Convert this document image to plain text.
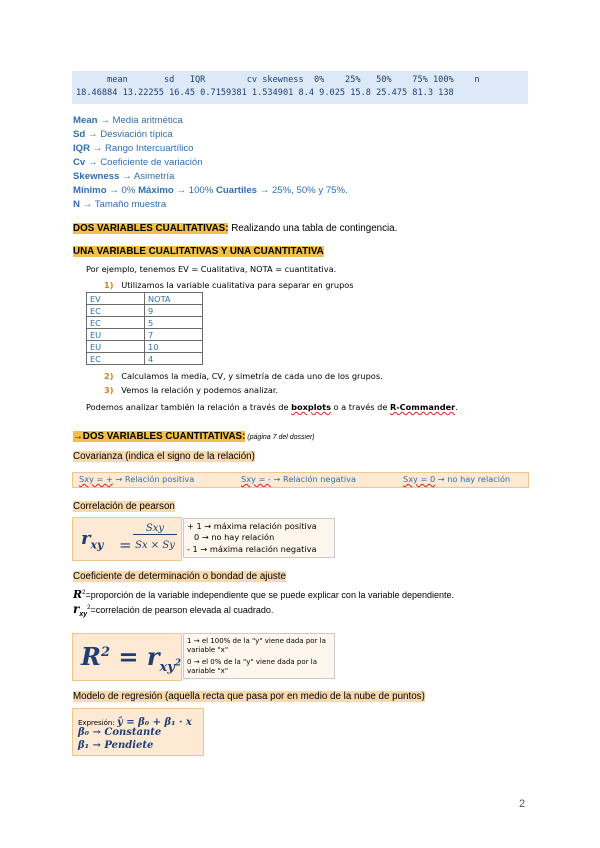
mean       sd   IQR        cv skewness  0%    25%   50%    75% 100%    n
18.46884 13.22255 16.45 0.7159381 1.534901 8.4 9.025 15.8 25.475 81.3 138
Mean → Media aritmética
Sd → Desviación típica
IQR → Rango Intercuartílico
Cv → Coeficiente de variación
Skewness → Asimetría
Mínimo → 0% Máximo → 100% Cuartiles → 25%, 50% y 75%.
N → Tamaño muestra
DOS VARIABLES CUALITATIVAS: Realizando una tabla de contingencia.
UNA VARIABLE CUALITATIVAS Y UNA CUANTITATIVA
Por ejemplo, tenemos EV = Cualitativa, NOTA = cuantitativa.
1) Utilizamos la variable cualitativa para separar en grupos
EV	NOTA
EC	9
EC	5
EU	7
EU	10
EC	4
2) Calculamos la media, CV, y simetría de cada uno de los grupos.
3) Vemos la relación y podemos analizar.
Podemos analizar también la relación a través de boxplots o a través de R-Commander.
→DOS VARIABLES CUANTITATIVAS: (página 7 del dossier)
Covarianza (indica el signo de la relación)
Sxy = + → Relación positiva	Sxy = - → Relación negativa	Sxy = 0 → no hay relación
Correlación de pearson
$r_{xy}$ =
Sxy
Sx × Sy
+ 1 → máxima relación positiva
0 → no hay relación
- 1 → máxima relación negativa
Coeficiente de determinación o bondad de ajuste
$R^2=proporción$ de la variable independiente que se puede explicar con la variable dependiente.
$r_{xy}^2=correlación$ de pearson elevada al cuadrado.
$R^2 = r_{xy^2}$
1 → el 100% de la "y" viene dada por la variable "x"
0 → el 0% de la "y" viene dada por la variable "x"
Modelo de regresión (aquella recta que pasa por en medio de la nube de puntos)
Expresión: ŷ = β₀ + β₁ · x
β₀ → Constante
β₁ → Pendiete
2
